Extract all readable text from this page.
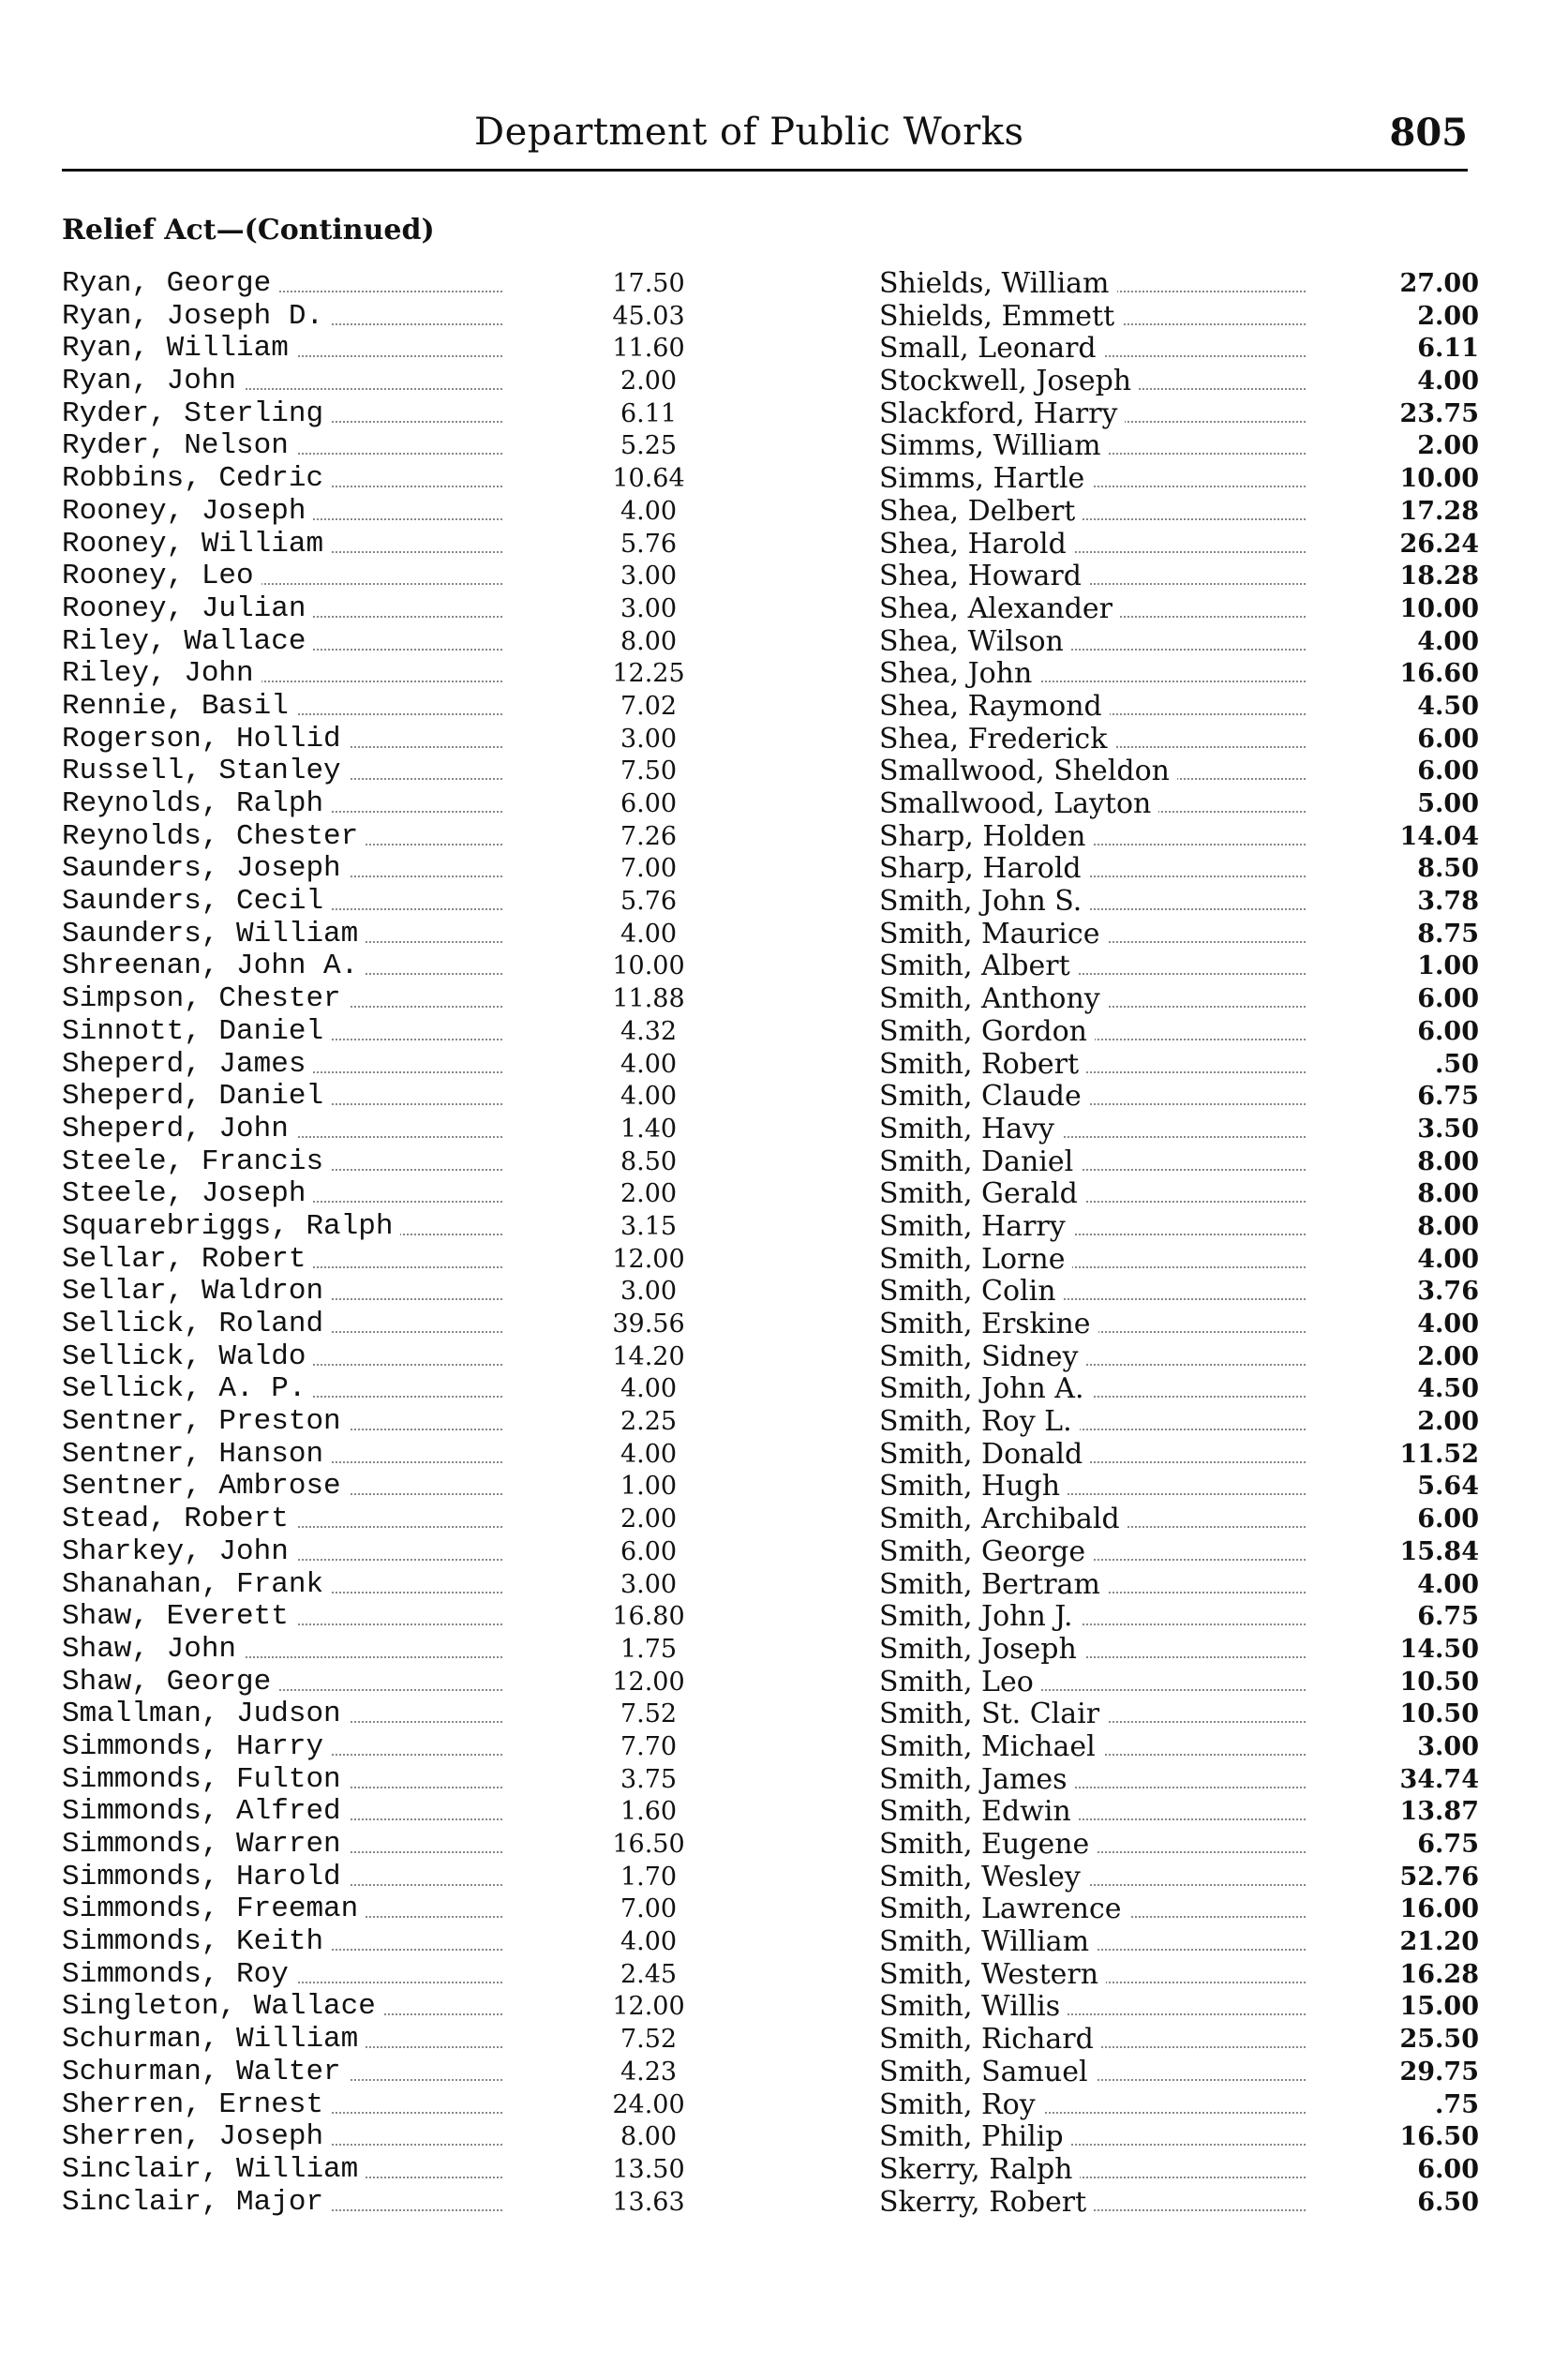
Department of Public Works	805
Relief Act—(Continued)
Ryan, George	17.50
Ryan, Joseph D.	45.03
Ryan, William	11.60
Ryan, John	2.00
Ryder, Sterling	6.11
Ryder, Nelson	5.25
Robbins, Cedric	10.64
Rooney, Joseph	4.00
Rooney, William	5.76
Rooney, Leo	3.00
Rooney, Julian	3.00
Riley, Wallace	8.00
Riley, John	12.25
Rennie, Basil	7.02
Rogerson, Hollid	3.00
Russell, Stanley	7.50
Reynolds, Ralph	6.00
Reynolds, Chester	7.26
Saunders, Joseph	7.00
Saunders, Cecil	5.76
Saunders, William	4.00
Shreenan, John A.	10.00
Simpson, Chester	11.88
Sinnott, Daniel	4.32
Sheperd, James	4.00
Sheperd, Daniel	4.00
Sheperd, John	1.40
Steele, Francis	8.50
Steele, Joseph	2.00
Squarebriggs, Ralph	3.15
Sellar, Robert	12.00
Sellar, Waldron	3.00
Sellick, Roland	39.56
Sellick, Waldo	14.20
Sellick, A. P.	4.00
Sentner, Preston	2.25
Sentner, Hanson	4.00
Sentner, Ambrose	1.00
Stead, Robert	2.00
Sharkey, John	6.00
Shanahan, Frank	3.00
Shaw, Everett	16.80
Shaw, John	1.75
Shaw, George	12.00
Smallman, Judson	7.52
Simmonds, Harry	7.70
Simmonds, Fulton	3.75
Simmonds, Alfred	1.60
Simmonds, Warren	16.50
Simmonds, Harold	1.70
Simmonds, Freeman	7.00
Simmonds, Keith	4.00
Simmonds, Roy	2.45
Singleton, Wallace	12.00
Schurman, William	7.52
Schurman, Walter	4.23
Sherren, Ernest	24.00
Sherren, Joseph	8.00
Sinclair, William	13.50
Sinclair, Major	13.63
Shields, William	27.00
Shields, Emmett	2.00
Small, Leonard	6.11
Stockwell, Joseph	4.00
Slackford, Harry	23.75
Simms, William	2.00
Simms, Hartle	10.00
Shea, Delbert	17.28
Shea, Harold	26.24
Shea, Howard	18.28
Shea, Alexander	10.00
Shea, Wilson	4.00
Shea, John	16.60
Shea, Raymond	4.50
Shea, Frederick	6.00
Smallwood, Sheldon	6.00
Smallwood, Layton	5.00
Sharp, Holden	14.04
Sharp, Harold	8.50
Smith, John S.	3.78
Smith, Maurice	8.75
Smith, Albert	1.00
Smith, Anthony	6.00
Smith, Gordon	6.00
Smith, Robert	.50
Smith, Claude	6.75
Smith, Havy	3.50
Smith, Daniel	8.00
Smith, Gerald	8.00
Smith, Harry	8.00
Smith, Lorne	4.00
Smith, Colin	3.76
Smith, Erskine	4.00
Smith, Sidney	2.00
Smith, John A.	4.50
Smith, Roy L.	2.00
Smith, Donald	11.52
Smith, Hugh	5.64
Smith, Archibald	6.00
Smith, George	15.84
Smith, Bertram	4.00
Smith, John J.	6.75
Smith, Joseph	14.50
Smith, Leo	10.50
Smith, St. Clair	10.50
Smith, Michael	3.00
Smith, James	34.74
Smith, Edwin	13.87
Smith, Eugene	6.75
Smith, Wesley	52.76
Smith, Lawrence	16.00
Smith, William	21.20
Smith, Western	16.28
Smith, Willis	15.00
Smith, Richard	25.50
Smith, Samuel	29.75
Smith, Roy	.75
Smith, Philip	16.50
Skerry, Ralph	6.00
Skerry, Robert	6.50
